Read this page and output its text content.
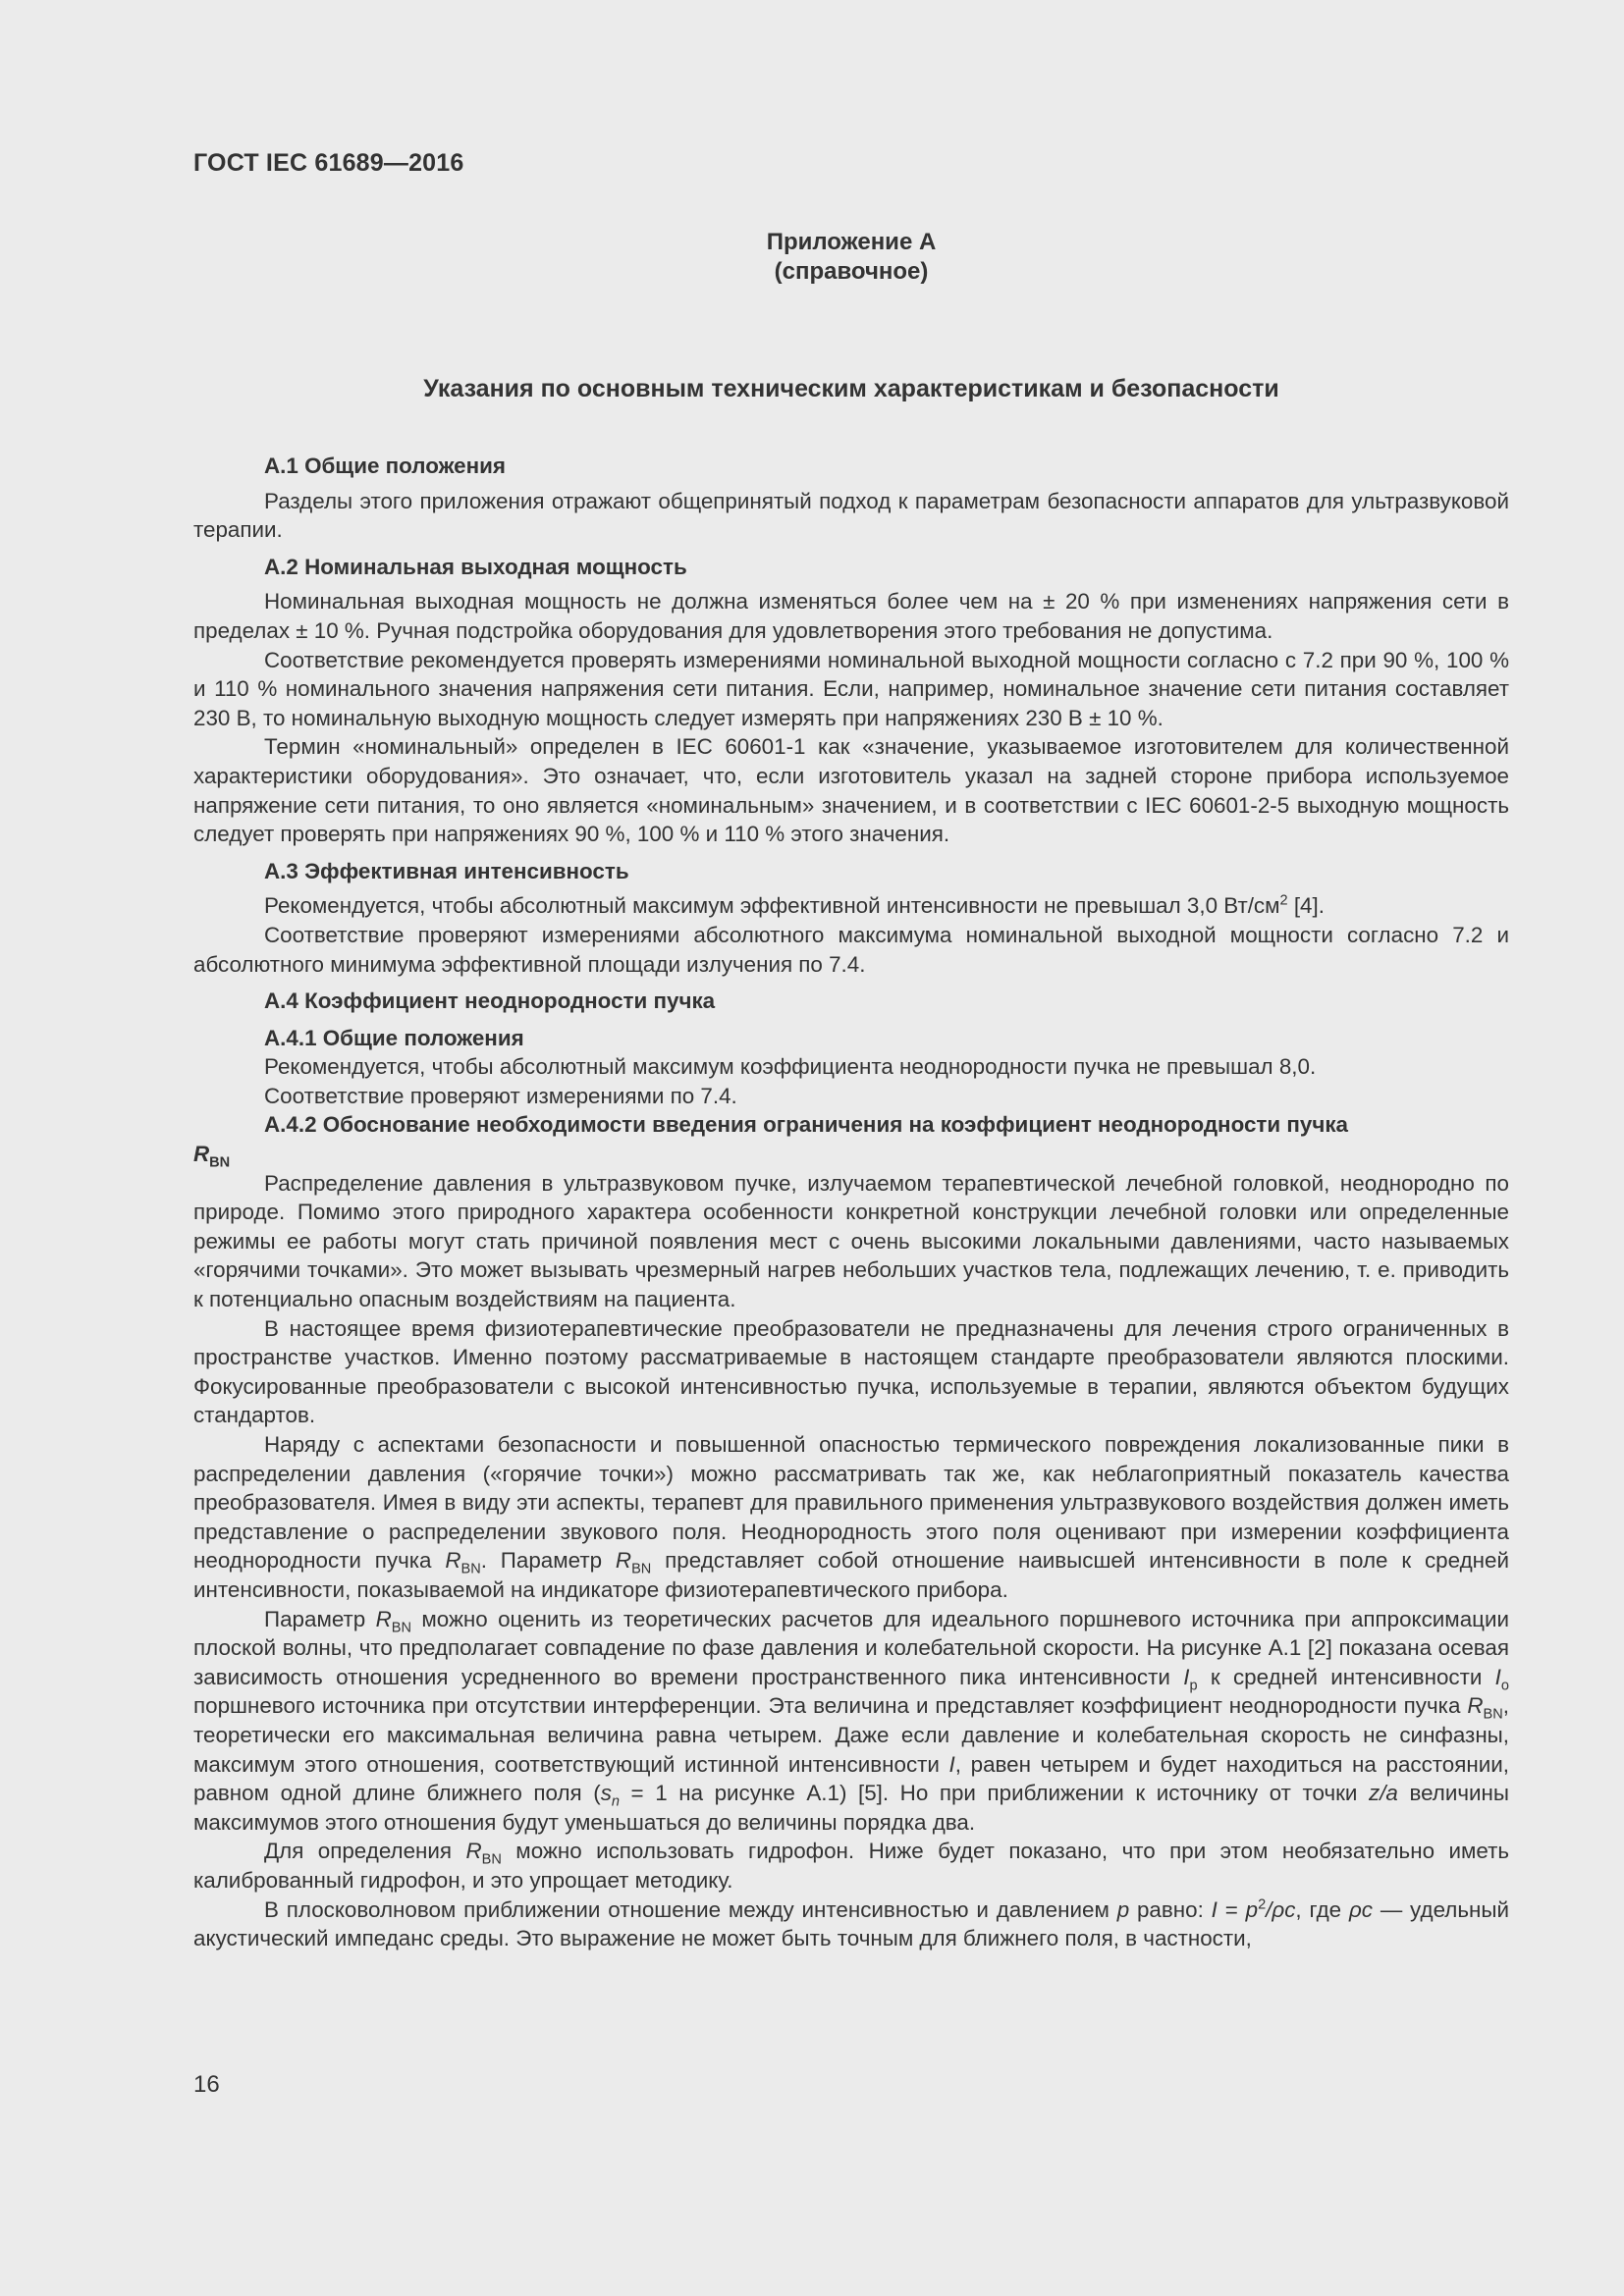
ГОСТ IEC 61689—2016
Приложение А
(справочное)
Указания по основным техническим характеристикам и безопасности
А.1 Общие положения

Разделы этого приложения отражают общепринятый подход к параметрам безопасности аппаратов для ультразвуковой терапии.

А.2 Номинальная выходная мощность

Номинальная выходная мощность не должна изменяться более чем на ± 20 % при изменениях напряжения сети в пределах ± 10 %. Ручная подстройка оборудования для удовлетворения этого требования не допустима.

Соответствие рекомендуется проверять измерениями номинальной выходной мощности согласно с 7.2 при 90 %, 100 % и 110 % номинального значения напряжения сети питания. Если, например, номинальное значение сети питания составляет 230 В, то номинальную выходную мощность следует измерять при напряжениях 230 В ± 10 %.

Термин «номинальный» определен в IEC 60601-1 как «значение, указываемое изготовителем для количественной характеристики оборудования». Это означает, что, если изготовитель указал на задней стороне прибора используемое напряжение сети питания, то оно является «номинальным» значением, и в соответствии с IEC 60601-2-5 выходную мощность следует проверять при напряжениях 90 %, 100 % и 110 % этого значения.

А.3 Эффективная интенсивность

Рекомендуется, чтобы абсолютный максимум эффективной интенсивности не превышал 3,0 $Вт/см^2$ [4].

Соответствие проверяют измерениями абсолютного максимума номинальной выходной мощности согласно 7.2 и абсолютного минимума эффективной площади излучения по 7.4.

А.4 Коэффициент неоднородности пучка
А.4.1 Общие положения

Рекомендуется, чтобы абсолютный максимум коэффициента неоднородности пучка не превышал 8,0.

Соответствие проверяют измерениями по 7.4.

А.4.2 Обоснование необходимости введения ограничения на коэффициент неоднородности пучка
$R_{BN}$

Распределение давления в ультразвуковом пучке, излучаемом терапевтической лечебной головкой, неоднородно по природе. Помимо этого природного характера особенности конкретной конструкции лечебной головки или определенные режимы ее работы могут стать причиной появления мест с очень высокими локальными давлениями, часто называемых «горячими точками». Это может вызывать чрезмерный нагрев небольших участков тела, подлежащих лечению, т. е. приводить к потенциально опасным воздействиям на пациента.

В настоящее время физиотерапевтические преобразователи не предназначены для лечения строго ограниченных в пространстве участков. Именно поэтому рассматриваемые в настоящем стандарте преобразователи являются плоскими. Фокусированные преобразователи с высокой интенсивностью пучка, используемые в терапии, являются объектом будущих стандартов.

Наряду с аспектами безопасности и повышенной опасностью термического повреждения локализованные пики в распределении давления («горячие точки») можно рассматривать так же, как неблагоприятный показатель качества преобразователя. Имея в виду эти аспекты, терапевт для правильного применения ультразвукового воздействия должен иметь представление о распределении звукового поля. Неоднородность этого поля оценивают при измерении коэффициента неоднородности пучка $R_{BN}$. Параметр $R_{BN}$ представляет собой отношение наивысшей интенсивности в поле к средней интенсивности, показываемой на индикаторе физиотерапевтического прибора.

Параметр $R_{BN}$ можно оценить из теоретических расчетов для идеального поршневого источника при аппроксимации плоской волны, что предполагает совпадение по фазе давления и колебательной скорости. На рисунке А.1 [2] показана осевая зависимость отношения усредненного во времени пространственного пика интенсивности $I_p$ к средней интенсивности $I_o$ поршневого источника при отсутствии интерференции. Эта величина и представляет коэффициент неоднородности пучка $R_{BN}$, теоретически его максимальная величина равна четырем. Даже если давление и колебательная скорость не синфазны, максимум этого отношения, соответствующий истинной интенсивности I, равен четырем и будет находиться на расстоянии, равном одной длине ближнего поля ($s_n = 1$ на рисунке А.1) [5]. Но при приближении к источнику от точки z/a величины максимумов этого отношения будут уменьшаться до величины порядка два.

Для определения $R_{BN}$ можно использовать гидрофон. Ниже будет показано, что при этом необязательно иметь калиброванный гидрофон, и это упрощает методику.

В плосковолновом приближении отношение между интенсивностью и давлением p равно: $I = p^2/\rho c$, где ρc — удельный акустический импеданс среды. Это выражение не может быть точным для ближнего поля, в частности,

16
